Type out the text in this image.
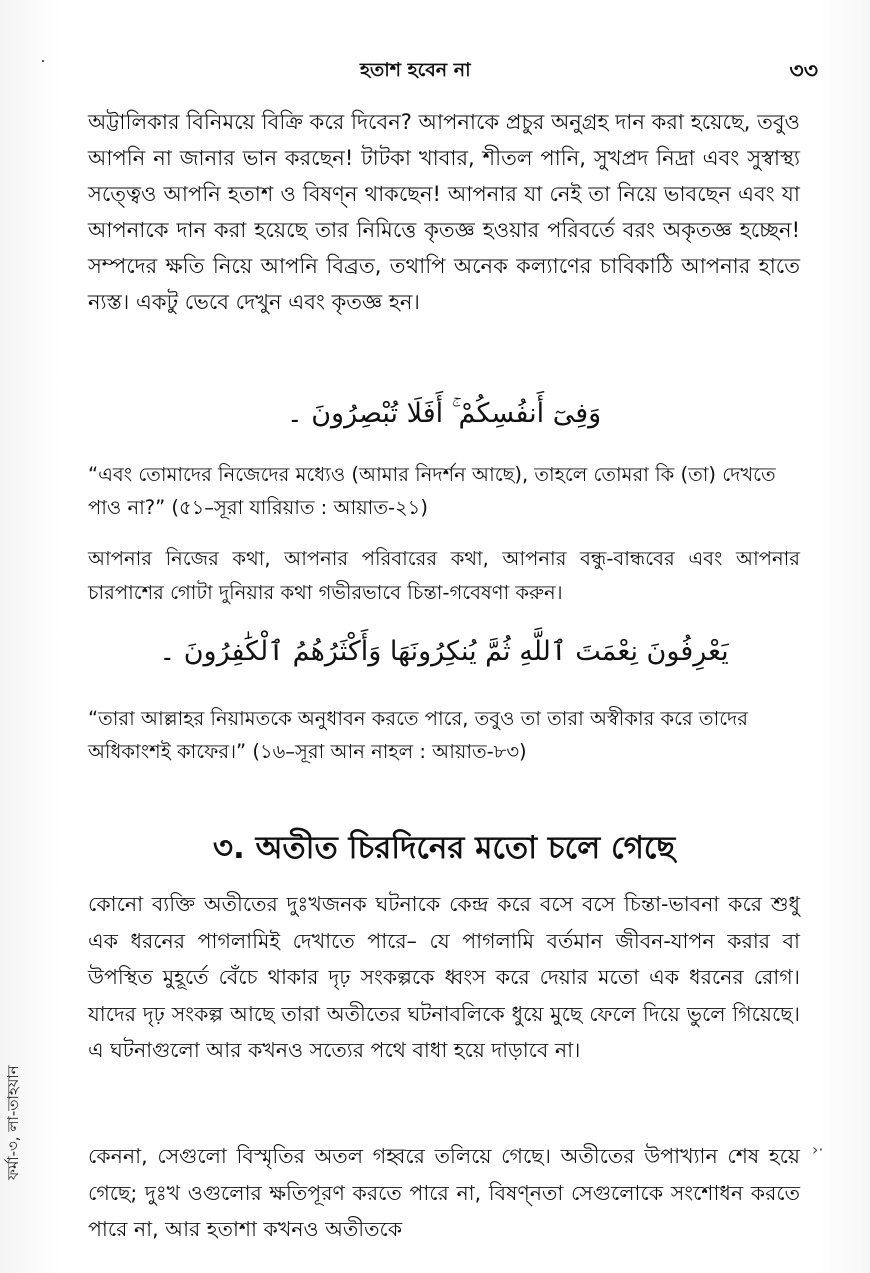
হতাশ হবেন না	৩৩

অট্টালিকার বিনিময়ে বিক্রি করে দিবেন? আপনাকে প্রচুর অনুগ্রহ দান করা হয়েছে, তবুও আপনি না জানার ভান করছেন! টাটকা খাবার, শীতল পানি, সুখপ্রদ নিদ্রা এবং সুস্বাস্থ্য সত্ত্বেও আপনি হতাশ ও বিষণ্ন থাকছেন! আপনার যা নেই তা নিয়ে ভাবছেন এবং যা আপনাকে দান করা হয়েছে তার নিমিত্তে কৃতজ্ঞ হওয়ার পরিবর্তে বরং অকৃতজ্ঞ হচ্ছেন! সম্পদের ক্ষতি নিয়ে আপনি বিব্রত, তথাপি অনেক কল্যাণের চাবিকাঠি আপনার হাতে ন্যস্ত। একটু ভেবে দেখুন এবং কৃতজ্ঞ হন।

وَفِىٓ أَنفُسِكُمْ ۚ أَفَلَا تُبْصِرُونَ ۔

“এবং তোমাদের নিজেদের মধ্যেও (আমার নিদর্শন আছে), তাহলে তোমরা কি (তা) দেখতে পাও না?” (৫১–সূরা যারিয়াত : আয়াত-২১)

আপনার নিজের কথা, আপনার পরিবারের কথা, আপনার বন্ধু-বান্ধবের এবং আপনার চারপাশের গোটা দুনিয়ার কথা গভীরভাবে চিন্তা-গবেষণা করুন।

يَعْرِفُونَ نِعْمَتَ ٱللَّهِ ثُمَّ يُنكِرُونَهَا وَأَكْثَرُهُمُ ٱلْكَٰفِرُونَ ۔

“তারা আল্লাহর নিয়ামতকে অনুধাবন করতে পারে, তবুও তা তারা অস্বীকার করে তাদের অধিকাংশই কাফের।” (১৬–সূরা আন নাহল : আয়াত-৮৩)

৩. অতীত চিরদিনের মতো চলে গেছে

কোনো ব্যক্তি অতীতের দুঃখজনক ঘটনাকে কেন্দ্র করে বসে বসে চিন্তা-ভাবনা করে শুধু এক ধরনের পাগলামিই দেখাতে পারে– যে পাগলামি বর্তমান জীবন-যাপন করার বা উপস্থিত মুহূর্তে বেঁচে থাকার দৃঢ় সংকল্পকে ধ্বংস করে দেয়ার মতো এক ধরনের রোগ। যাদের দৃঢ় সংকল্প আছে তারা অতীতের ঘটনাবলিকে ধুয়ে মুছে ফেলে দিয়ে ভুলে গিয়েছে। এ ঘটনাগুলো আর কখনও সত্যের পথে বাধা হয়ে দাড়াবে না।

কেননা, সেগুলো বিস্মৃতির অতল গহ্বরে তলিয়ে গেছে। অতীতের উপাখ্যান শেষ হয়ে গেছে; দুঃখ ওগুলোর ক্ষতিপূরণ করতে পারে না, বিষণ্নতা সেগুলোকে সংশোধন করতে পারে না, আর হতাশা কখনও অতীতকে

ফর্মা-৩, লা-তাহযান	›·
